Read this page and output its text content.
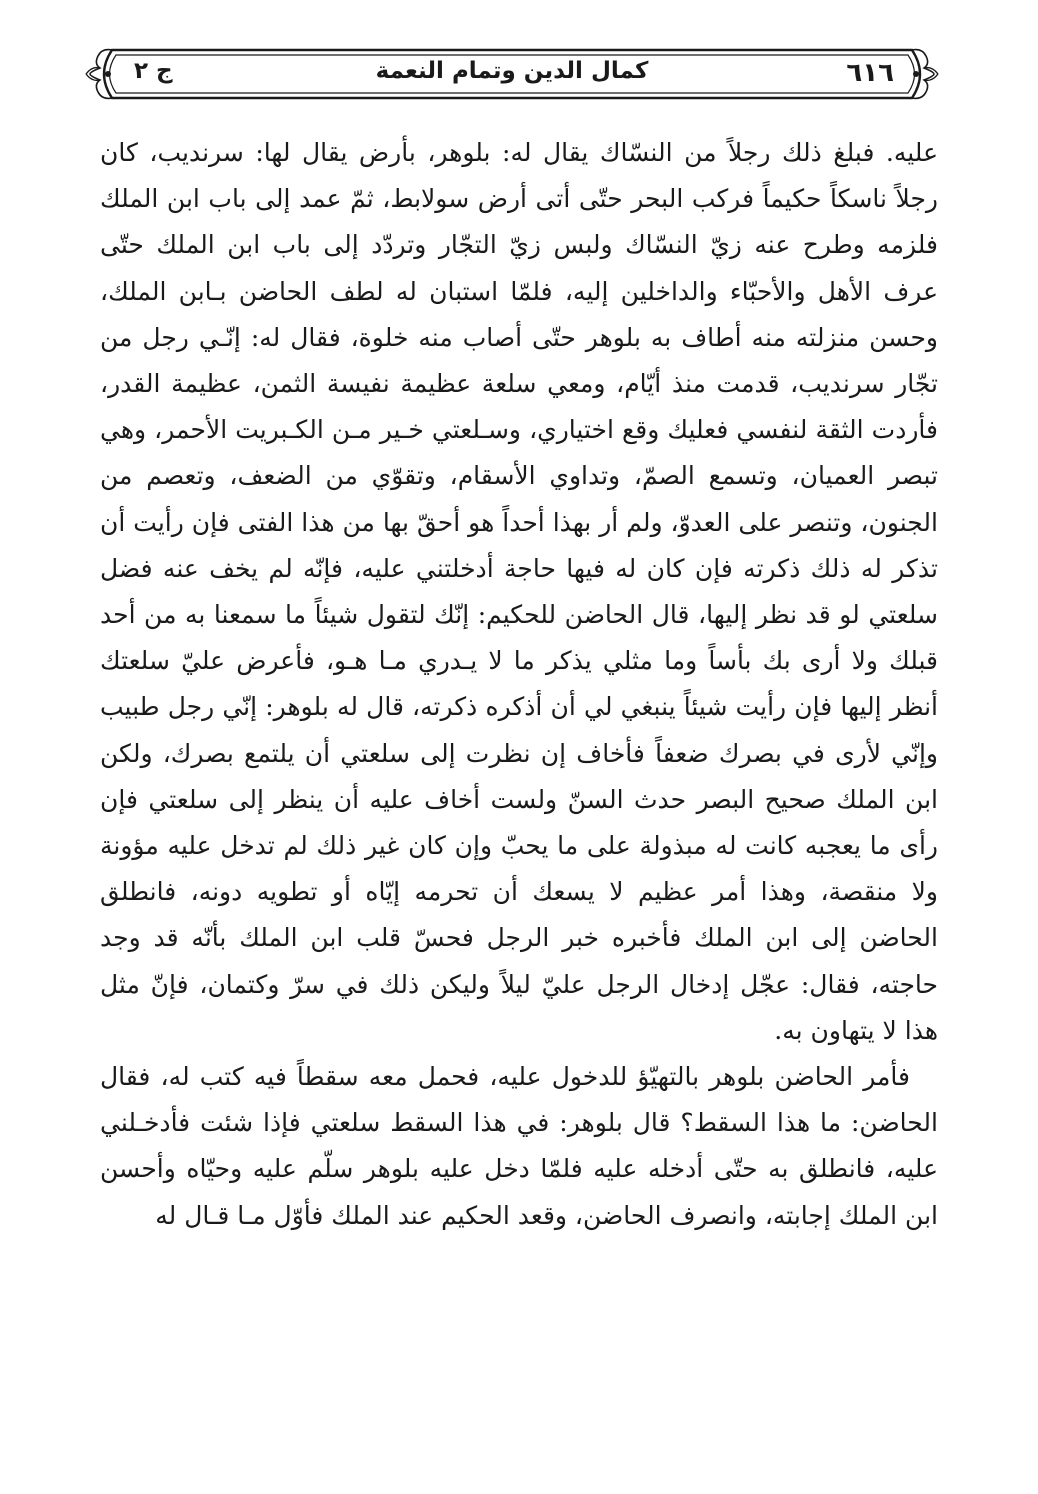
٦١٦
كمال الدين وتمام النعمة
ج ٢

عليه. فبلغ ذلك رجلاً من النسّاك يقال له: بلوهر، بأرض يقال لها: سرنديب، كان رجلاً ناسكاً حكيماً فركب البحر حتّى أتى أرض سولابط، ثمّ عمد إلى باب ابن الملك فلزمه وطرح عنه زيّ النسّاك ولبس زيّ التجّار وتردّد إلى باب ابن الملك حتّى عرف الأهل والأحبّاء والداخلين إليه، فلمّا استبان له لطف الحاضن بـابن الملك، وحسن منزلته منه أطاف به بلوهر حتّى أصاب منه خلوة، فقال له: إنّـي رجل من تجّار سرنديب، قدمت منذ أيّام، ومعي سلعة عظيمة نفيسة الثمن، عظيمة القدر، فأردت الثقة لنفسي فعليك وقع اختياري، وسـلعتي خـير مـن الكـبريت الأحمر، وهي تبصر العميان، وتسمع الصمّ، وتداوي الأسقام، وتقوّي من الضعف، وتعصم من الجنون، وتنصر على العدوّ، ولم أر بهذا أحداً هو أحقّ بها من هذا الفتى فإن رأيت أن تذكر له ذلك ذكرته فإن كان له فيها حاجة أدخلتني عليه، فإنّه لم يخف عنه فضل سلعتي لو قد نظر إليها، قال الحاضن للحكيم: إنّك لتقول شيئاً ما سمعنا به من أحد قبلك ولا أرى بك بأساً وما مثلي يذكر ما لا يـدري مـا هـو، فأعرض عليّ سلعتك أنظر إليها فإن رأيت شيئاً ينبغي لي أن أذكره ذكرته، قال له بلوهر: إنّي رجل طبيب وإنّي لأرى في بصرك ضعفاً فأخاف إن نظرت إلى سلعتي أن يلتمع بصرك، ولكن ابن الملك صحيح البصر حدث السنّ ولست أخاف عليه أن ينظر إلى سلعتي فإن رأى ما يعجبه كانت له مبذولة على ما يحبّ وإن كان غير ذلك لم تدخل عليه مؤونة ولا منقصة، وهذا أمر عظيم لا يسعك أن تحرمه إيّاه أو تطويه دونه، فانطلق الحاضن إلى ابن الملك فأخبره خبر الرجل فحسّ قلب ابن الملك بأنّه قد وجد حاجته، فقال: عجّل إدخال الرجل عليّ ليلاً وليكن ذلك في سرّ وكتمان، فإنّ مثل هذا لا يتهاون به.

فأمر الحاضن بلوهر بالتهيّؤ للدخول عليه، فحمل معه سقطاً فيه كتب له، فقال الحاضن: ما هذا السقط؟ قال بلوهر: في هذا السقط سلعتي فإذا شئت فأدخـلني عليه، فانطلق به حتّى أدخله عليه فلمّا دخل عليه بلوهر سلّم عليه وحيّاه وأحسن ابن الملك إجابته، وانصرف الحاضن، وقعد الحكيم عند الملك فأوّل مـا قـال له
